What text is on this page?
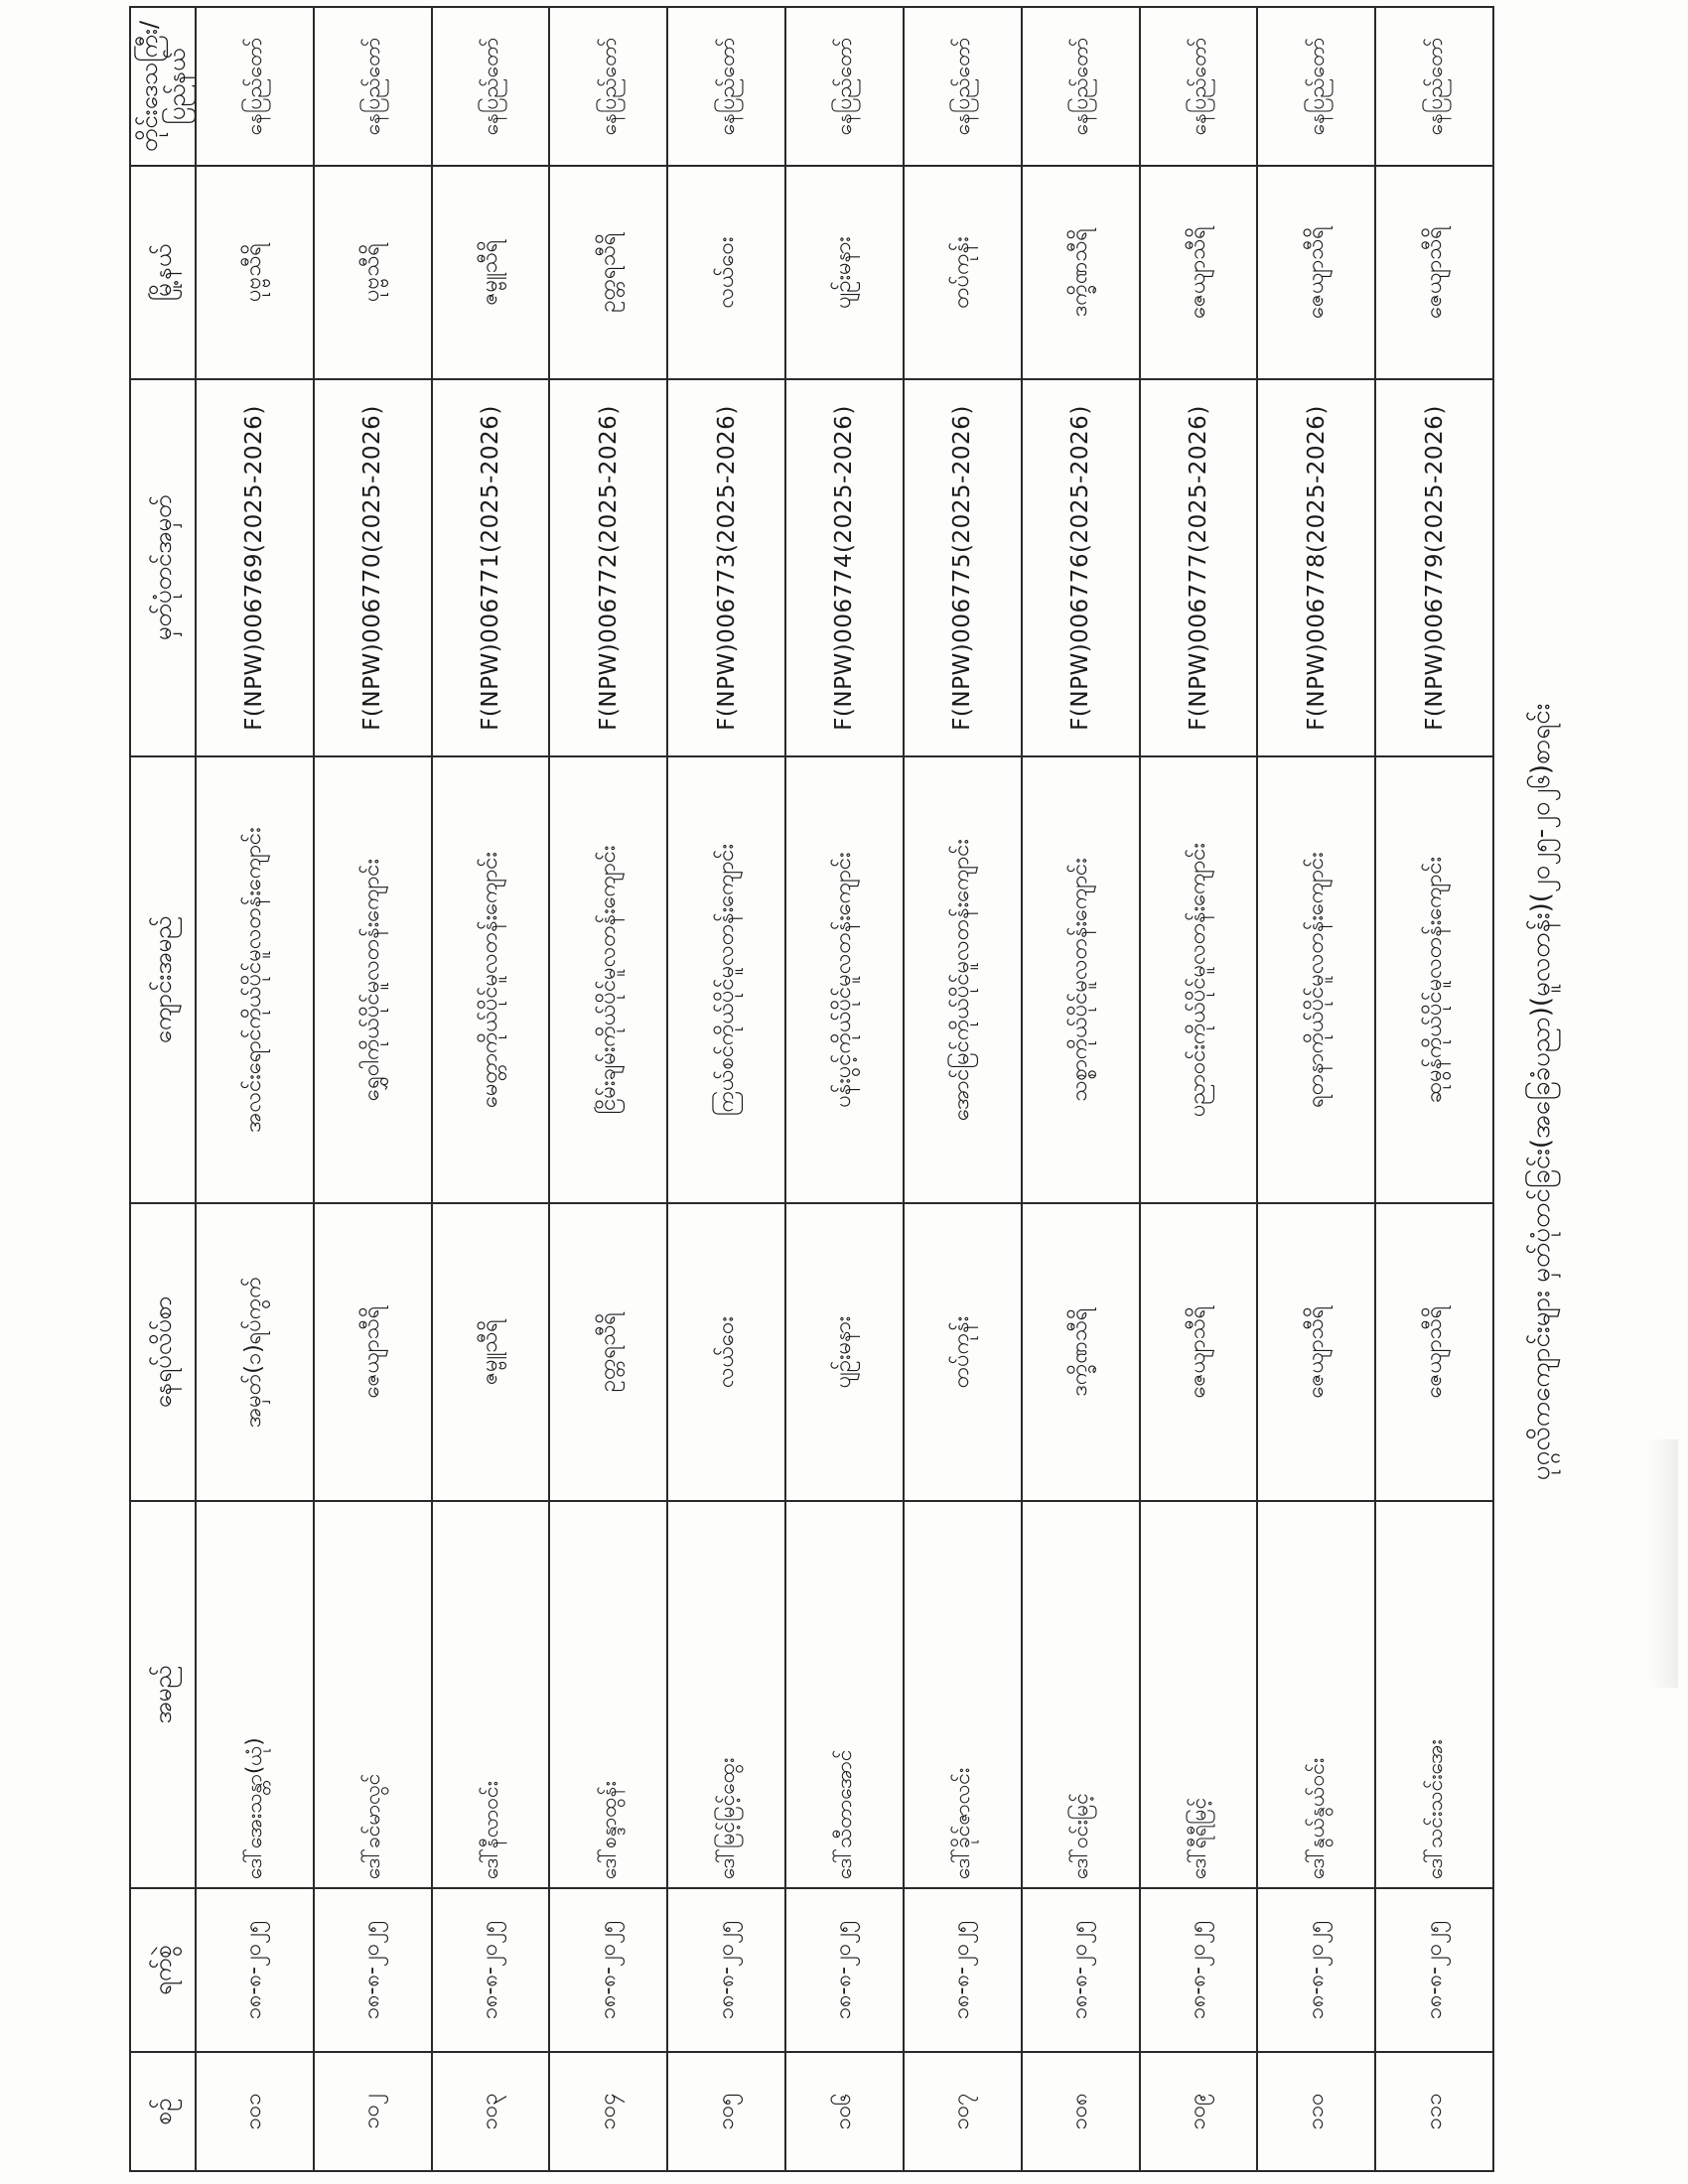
ပုဂ္ဂလိကကျောင်းများ မှတ်ပုံတင်ခြင်း(အခြေခံပညာ)(မူလတန်း)(၂၀၂၅-၂၀၂၆)စာရင်း
စဉ်	ရက်စွဲ	အမည်	နေရပ်လိပ်စာ	ကျောင်းအမည်	မှတ်ပုံတင်အမှတ်	မြို့နယ်	တိုင်းဒေသကြီး/ ပြည်နယ်
၁၀၁	၁၈-၈-၂၀၂၅	ဒေါ်အေးသန္တာ(ယုံ)	အမှတ်(၁)ရပ်ကွက်	အလင်းရောင်ကိုယ်ပိုင်မူလတန်းကျောင်း	F(NPW)006769(2025-2026)	ပုဗ္ဗသီရိ	နေပြည်တော်
၁၀၂	၁၈-၈-၂၀၂၅	ဒေါ်ခင်မာလွင်	ဇေယျာသီရိ	ရွှေဝါကိုယ်ပိုင်မူလတန်းကျောင်း	F(NPW)006770(2025-2026)	ပုဗ္ဗသီရိ	နေပြည်တော်
၁၀၃	၁၈-၈-၂၀၂၅	ဒေါ်နီလာဝင်း	ဇမ္ဗူသီရိ	မေတ္တာကိုယ်ပိုင်မူလတန်းကျောင်း	F(NPW)006771(2025-2026)	ဇမ္ဗူသီရိ	နေပြည်တော်
၁၀၄	၁၈-၈-၂၀၂၅	ဒေါ်စန္ဒာထွန်း	ဥတ္တရသီရိ	ငြိမ်းချမ်းကိုယ်ပိုင်မူလတန်းကျောင်း	F(NPW)006772(2025-2026)	ဥတ္တရသီရိ	နေပြည်တော်
၁၀၅	၁၈-၈-၂၀၂၅	ဒေါ်မြင့်မြင့်ထွေး	လယ်ဝေး	ကြယ်စင်ကိုယ်ပိုင်မူလတန်းကျောင်း	F(NPW)006773(2025-2026)	လယ်ဝေး	နေပြည်တော်
၁၀၆	၁၈-၈-၂၀၂၅	ဒေါ်သီတာအောင်	ပျဉ်းမနား	ပန်းပွင့်ကိုယ်ပိုင်မူလတန်းကျောင်း	F(NPW)006774(2025-2026)	ပျဉ်းမနား	နေပြည်တော်
၁၀၇	၁၈-၈-၂၀၂၅	ဒေါ်ခိုင်ဇာလင်း	တပ်ကုန်း	အောင်မြင်ကိုယ်ပိုင်မူလတန်းကျောင်း	F(NPW)006775(2025-2026)	တပ်ကုန်း	နေပြည်တော်
၁၀၈	၁၈-၈-၂၀၂၅	ဒေါ်ဝင်းမြင့်	ဒက္ခိဏသီရိ	သစ္စာကိုယ်ပိုင်မူလတန်းကျောင်း	F(NPW)006776(2025-2026)	ဒက္ခိဏသီရိ	နေပြည်တော်
၁၀၉	၁၈-၈-၂၀၂၅	ဒေါ်ရီရီမြင့်	ဇေယျာသီရိ	ပညာဝင်းကိုယ်ပိုင်မူလတန်းကျောင်း	F(NPW)006777(2025-2026)	ဇေယျာသီရိ	နေပြည်တော်
၁၁၀	၁၈-၈-၂၀၂၅	ဒေါ်နွယ်နွယ်ဝင်း	ဇေယျာသီရိ	ရတနာကိုယ်ပိုင်မူလတန်းကျောင်း	F(NPW)006778(2025-2026)	ဇေယျာသီရိ	နေပြည်တော်
၁၁၁	၁၈-၈-၂၀၂၅	ဒေါ်သင်းသင်းအေး	ဇေယျာသီရိ	ဆုမွန်ကိုယ်ပိုင်မူလတန်းကျောင်း	F(NPW)006779(2025-2026)	ဇေယျာသီရိ	နေပြည်တော်
